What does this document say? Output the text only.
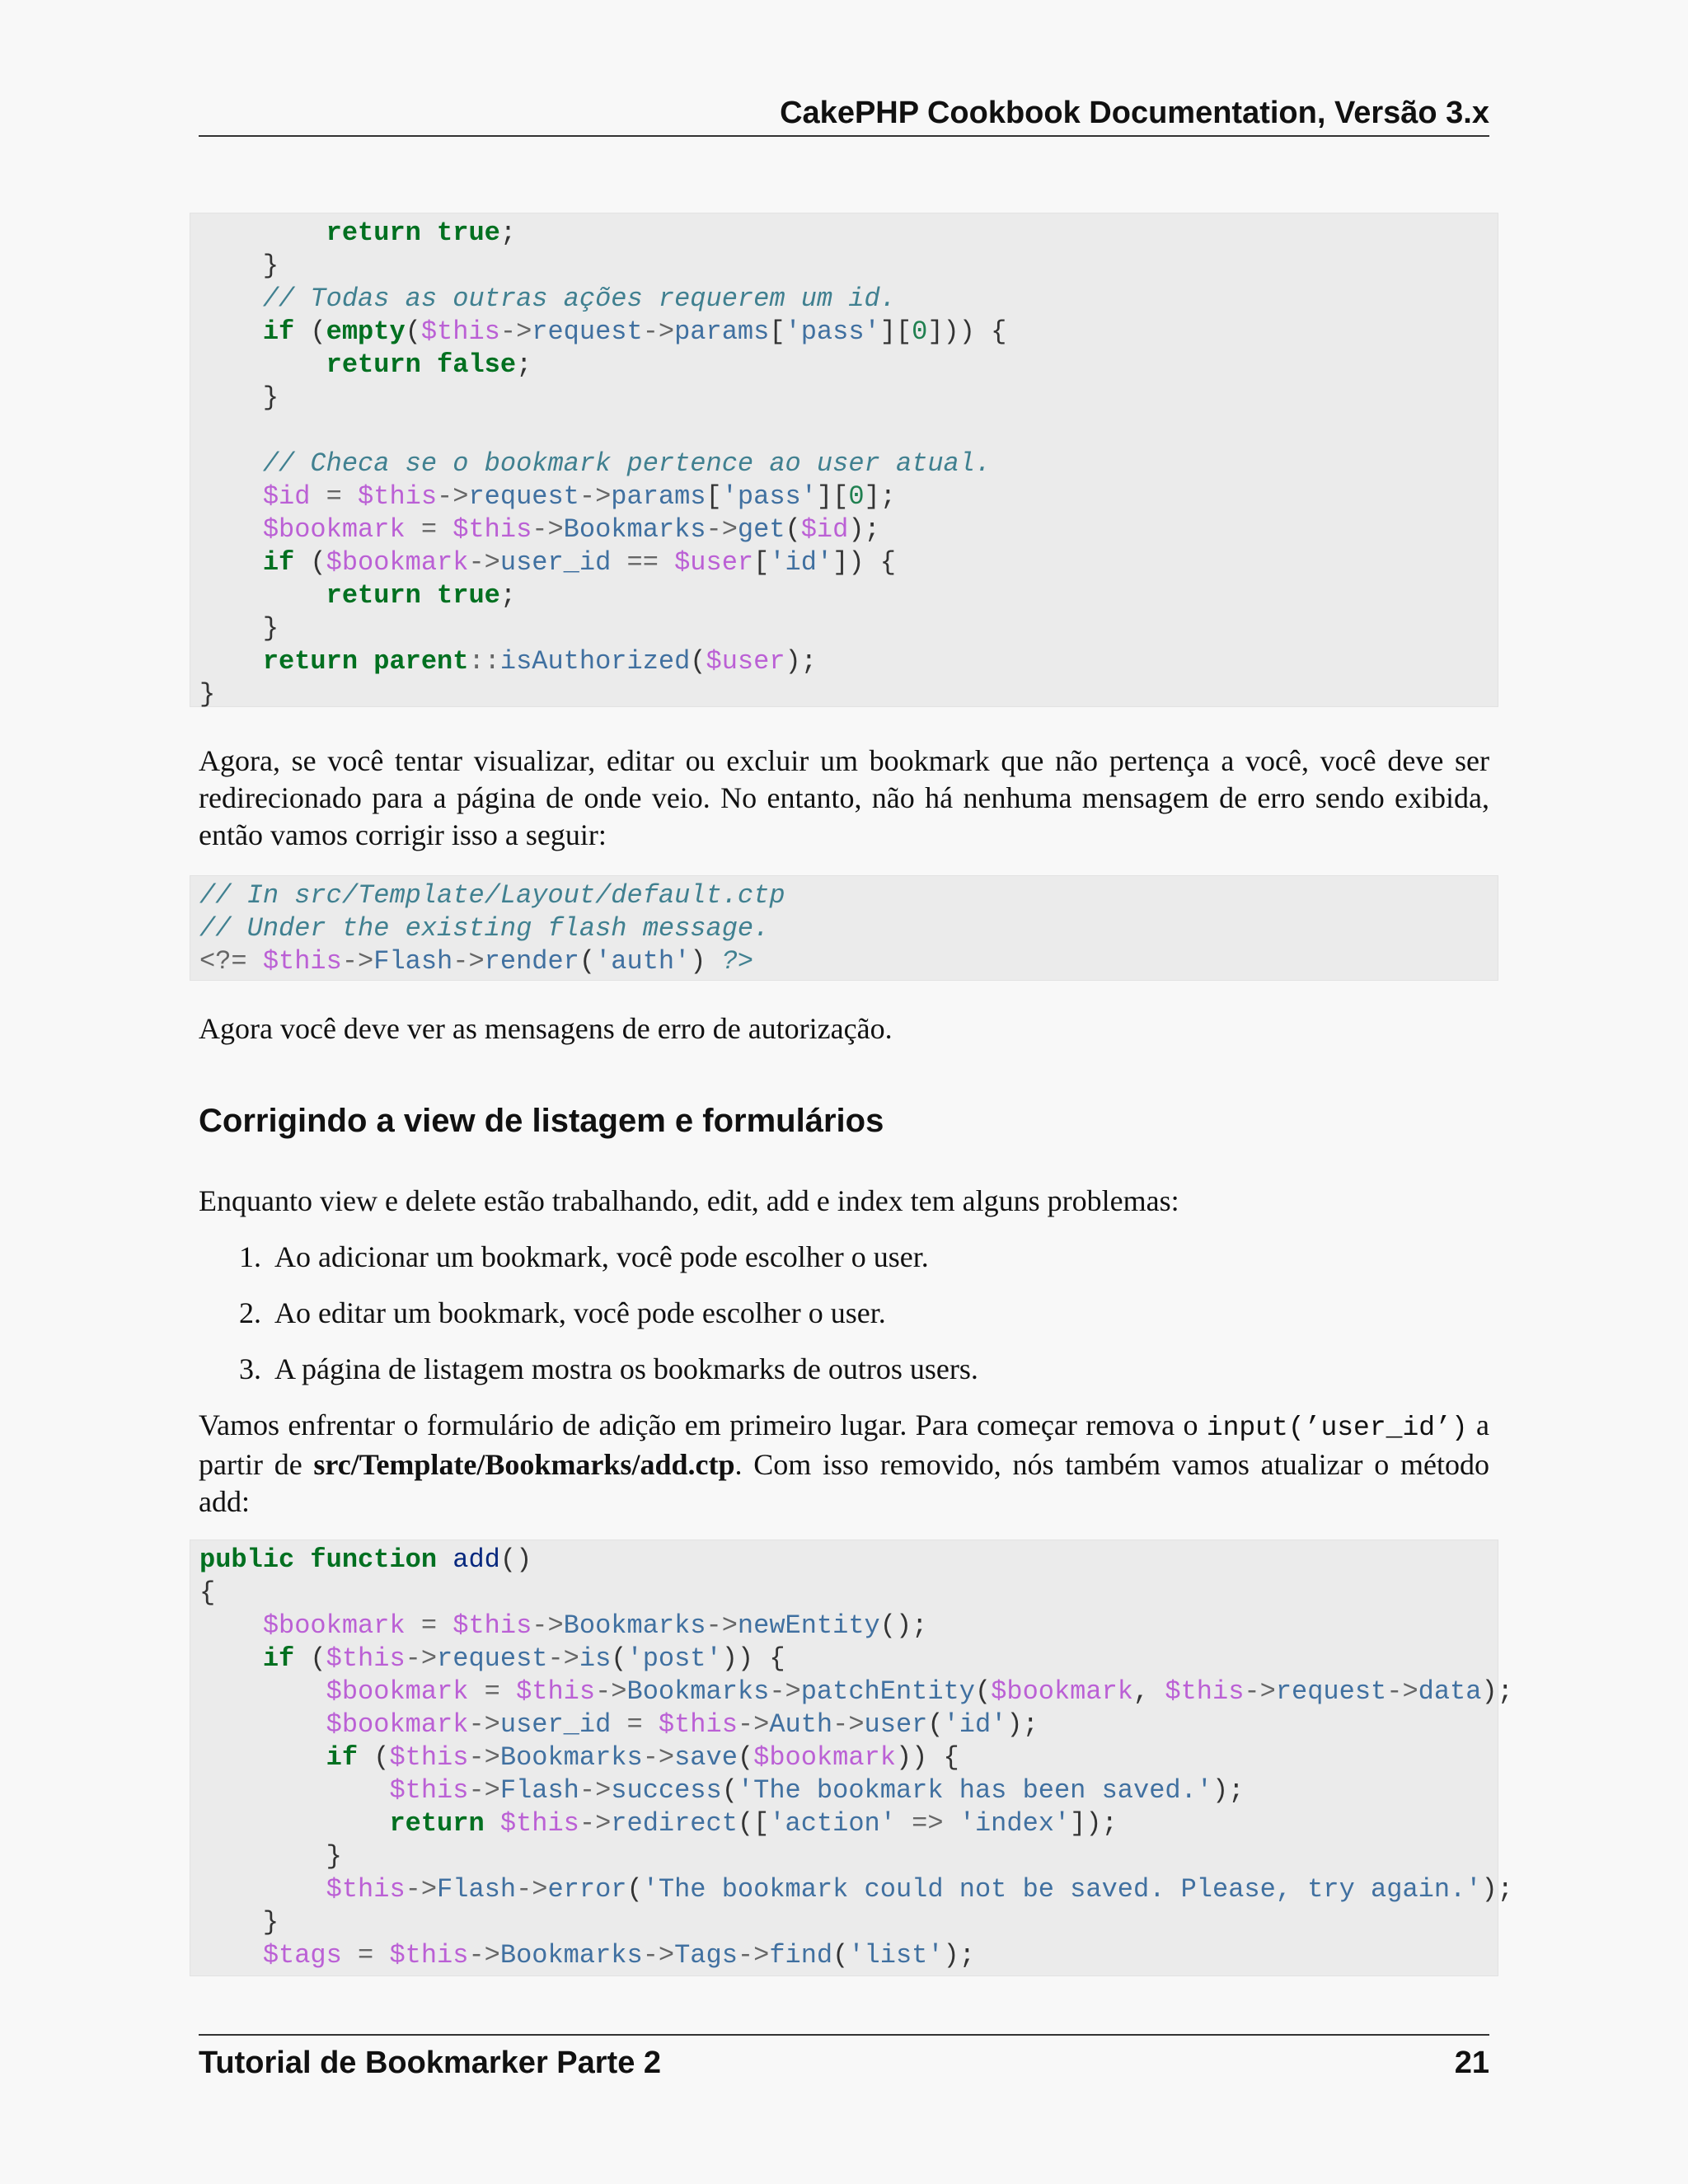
CakePHP Cookbook Documentation, Versão 3.x
return true;
}
// Todas as outras ações requerem um id.
if (empty($this->request->params['pass'][0])) {
return false;
}

// Checa se o bookmark pertence ao user atual.
$id = $this->request->params['pass'][0];
$bookmark = $this->Bookmarks->get($id);
if ($bookmark->user_id == $user['id']) {
return true;
}
return parent::isAuthorized($user);
}

Agora, se você tentar visualizar, editar ou excluir um bookmark que não pertença a você, você deve ser redirecionado para a página de onde veio. No entanto, não há nenhuma mensagem de erro sendo exibida, então vamos corrigir isso a seguir:

// In src/Template/Layout/default.ctp
// Under the existing flash message.
<?= $this->Flash->render('auth') ?>

Agora você deve ver as mensagens de erro de autorização.

Corrigindo a view de listagem e formulários

Enquanto view e delete estão trabalhando, edit, add e index tem alguns problemas:

1. Ao adicionar um bookmark, você pode escolher o user.
2. Ao editar um bookmark, você pode escolher o user.
3. A página de listagem mostra os bookmarks de outros users.

Vamos enfrentar o formulário de adição em primeiro lugar. Para começar remova o input(’user_id’) a partir de src/Template/Bookmarks/add.ctp. Com isso removido, nós também vamos atualizar o método add:

public function add()
{
$bookmark = $this->Bookmarks->newEntity();
if ($this->request->is('post')) {
$bookmark = $this->Bookmarks->patchEntity($bookmark, $this->request->data);
$bookmark->user_id = $this->Auth->user('id');
if ($this->Bookmarks->save($bookmark)) {
$this->Flash->success('The bookmark has been saved.');
return $this->redirect(['action' => 'index']);
}
$this->Flash->error('The bookmark could not be saved. Please, try again.');
}
$tags = $this->Bookmarks->Tags->find('list');
Tutorial de Bookmarker Parte 2	21
